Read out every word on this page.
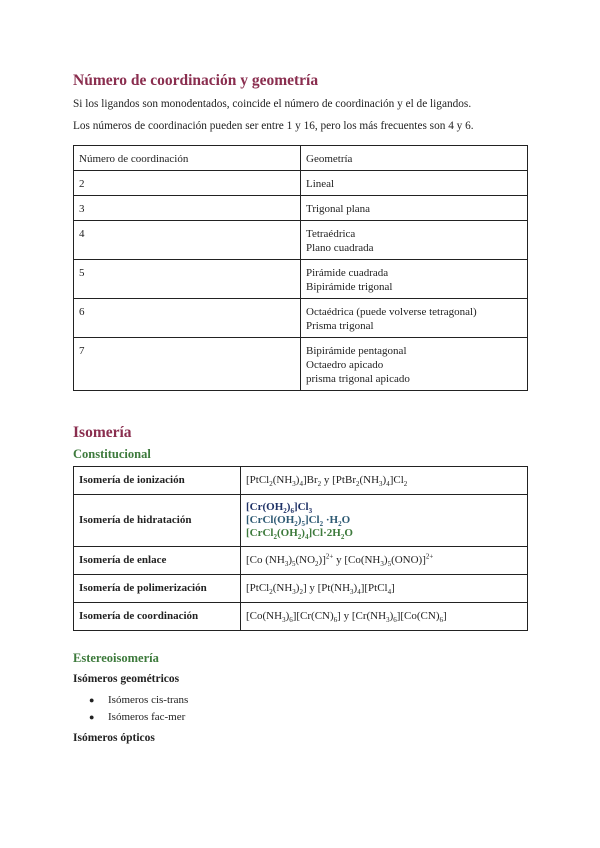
Número de coordinación y geometría

Si los ligandos son monodentados, coincide el número de coordinación y el de ligandos.

Los números de coordinación pueden ser entre 1 y 16, pero los más frecuentes son 4 y 6.

Número de coordinación	Geometría
2	Lineal

3	Trigonal plana

4	Tetraédrica
Plano cuadrada

5	Pirámide cuadrada
Bipirámide trigonal

6	Octaédrica (puede volverse tetragonal)
Prisma trigonal

7	Bipirámide pentagonal
Octaedro apicado
prisma trigonal apicado
Isomería
Constitucional
Isomería de ionización	$[PtCl_2(NH_3)_4]Br_2$ y $[PtBr_2(NH_3)_4]Cl_2$
Isomería de hidratación	$[Cr(OH_2)_6]Cl_3$
$[CrCl(OH_2)_5]Cl_2 \cdot H_2O$
$[CrCl_2(OH_2)_4]Cl\cdot 2H_2O$

Isomería de enlace	[Co $(NH_3)_5(NO_2)]^{2+}$ y $[Co(NH_3)_5(ONO)]^{2+}$
Isomería de polimerización	$[PtCl_2(NH_3)_2]$ y $[Pt(NH_3)_4][PtCl_4]$
Isomería de coordinación	$[Co(NH_3)_6][Cr(CN)_6]$ y $[Cr(NH_3)_6][Co(CN)_6]$
Estereoisomería

Isómeros geométricos

● Isómeros cis-trans
● Isómeros fac-mer

Isómeros ópticos
